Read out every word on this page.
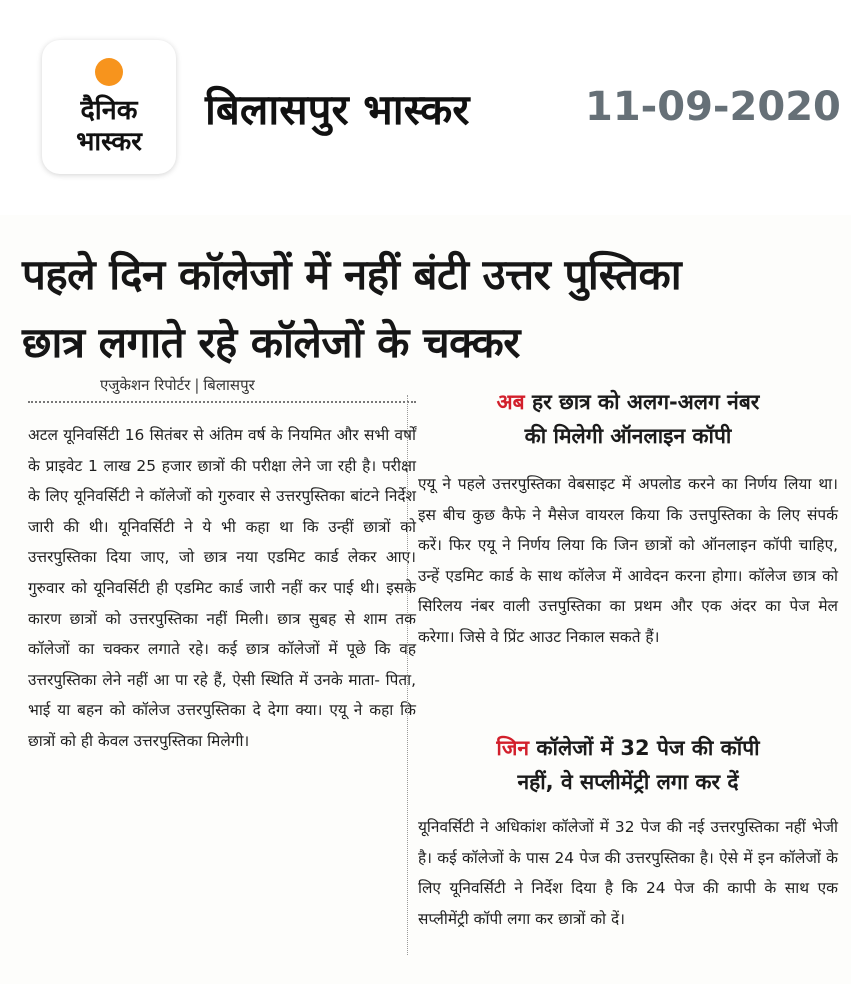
दैनिक
भास्कर
बिलासपुर भास्कर	11-09-2020
पहले दिन कॉलेजों में नहीं बंटी उत्तर पुस्तिका
छात्र लगाते रहे कॉलेजों के चक्कर
एजुकेशन रिपोर्टर | बिलासपुर
अटल यूनिवर्सिटी 16 सितंबर से अंतिम वर्ष के नियमित और सभी वर्षों के प्राइवेट 1 लाख 25 हजार छात्रों की परीक्षा लेने जा रही है। परीक्षा के लिए यूनिवर्सिटी ने कॉलेजों को गुरुवार से उत्तरपुस्तिका बांटने निर्देश जारी की थी। यूनिवर्सिटी ने ये भी कहा था कि उन्हीं छात्रों को उत्तरपुस्तिका दिया जाए, जो छात्र नया एडमिट कार्ड लेकर आए। गुरुवार को यूनिवर्सिटी ही एडमिट कार्ड जारी नहीं कर पाई थी। इसके कारण छात्रों को उत्तरपुस्तिका नहीं मिली। छात्र सुबह से शाम तक कॉलेजों का चक्कर लगाते रहे। कई छात्र कॉलेजों में पूछे कि वह उत्तरपुस्तिका लेने नहीं आ पा रहे हैं, ऐसी स्थिति में उनके माता- पिता, भाई या बहन को कॉलेज उत्तरपुस्तिका दे देगा क्या। एयू ने कहा कि छात्रों को ही केवल उत्तरपुस्तिका मिलेगी।
अब हर छात्र को अलग-अलग नंबर
की मिलेगी ऑनलाइन कॉपी
एयू ने पहले उत्तरपुस्तिका वेबसाइट में अपलोड करने का निर्णय लिया था। इस बीच कुछ कैफे ने मैसेज वायरल किया कि उत्तपुस्तिका के लिए संपर्क करें। फिर एयू ने निर्णय लिया कि जिन छात्रों को ऑनलाइन कॉपी चाहिए, उन्हें एडमिट कार्ड के साथ कॉलेज में आवेदन करना होगा। कॉलेज छात्र को सिरिलय नंबर वाली उत्तपुस्तिका का प्रथम और एक अंदर का पेज मेल करेगा। जिसे वे प्रिंट आउट निकाल सकते हैं।
जिन कॉलेजों में 32 पेज की कॉपी
नहीं, वे सप्लीमेंट्री लगा कर दें
यूनिवर्सिटी ने अधिकांश कॉलेजों में 32 पेज की नई उत्तरपुस्तिका नहीं भेजी है। कई कॉलेजों के पास 24 पेज की उत्तरपुस्तिका है। ऐसे में इन कॉलेजों के लिए यूनिवर्सिटी ने निर्देश दिया है कि 24 पेज की कापी के साथ एक सप्लीमेंट्री कॉपी लगा कर छात्रों को दें।
